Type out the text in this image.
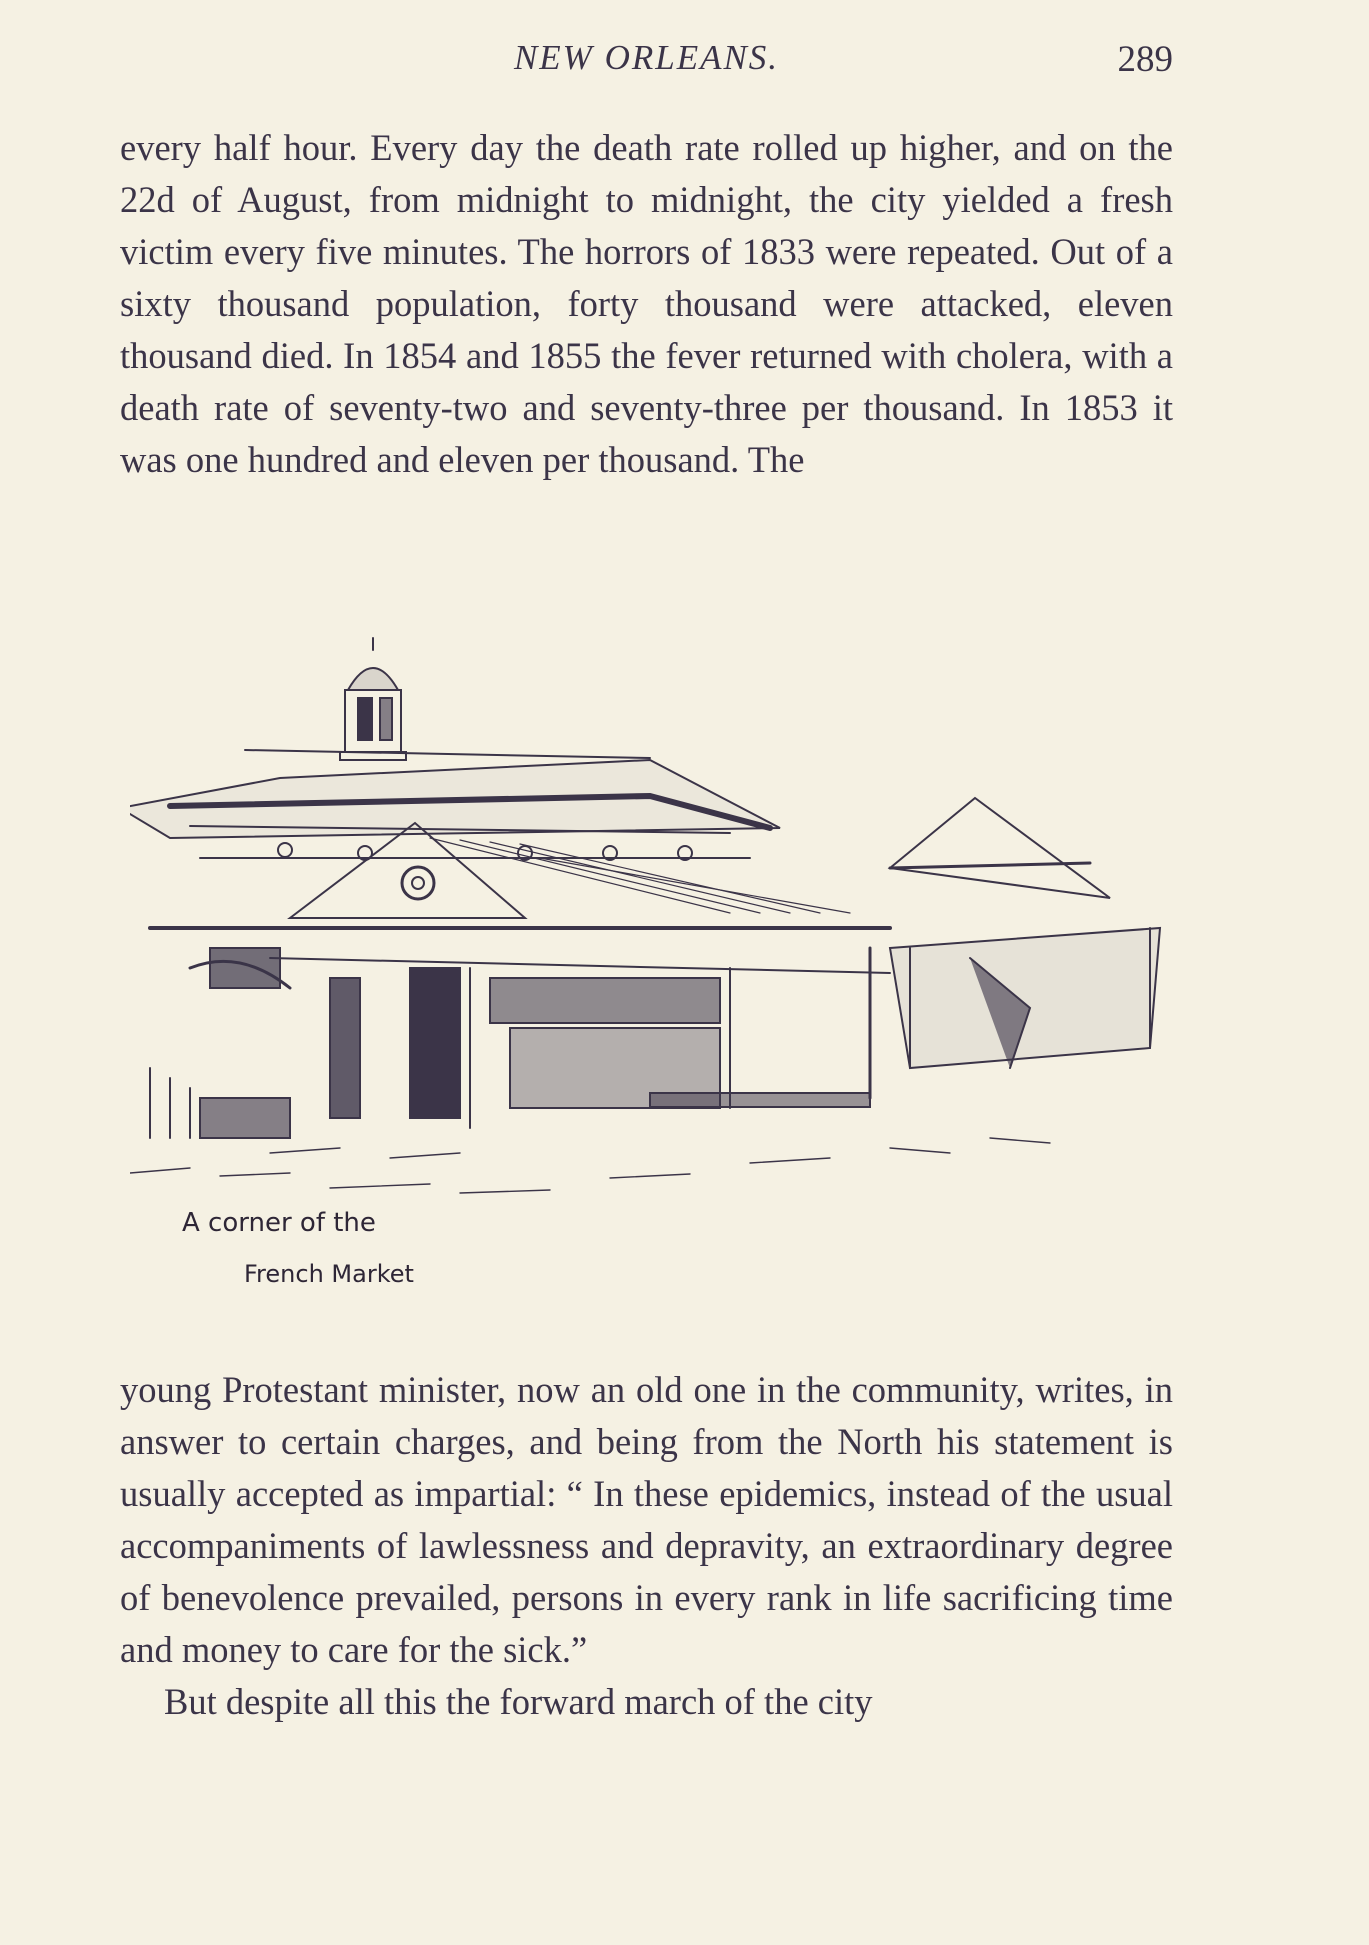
NEW ORLEANS.	289

every half hour. Every day the death rate rolled up higher, and on the 22d of August, from midnight to midnight, the city yielded a fresh victim every five minutes. The horrors of 1833 were repeated. Out of a sixty thousand population, forty thousand were attacked, eleven thousand died. In 1854 and 1855 the fever returned with cholera, with a death rate of seventy-two and seventy-three per thousand. In 1853 it was one hundred and eleven per thousand. The

A corner of the
French Market

young Protestant minister, now an old one in the community, writes, in answer to certain charges, and being from the North his statement is usually accepted as impartial: “ In these epidemics, instead of the usual accompaniments of lawlessness and depravity, an extraordinary degree of benevolence prevailed, persons in every rank in life sacrificing time and money to care for the sick.”

But despite all this the forward march of the city
